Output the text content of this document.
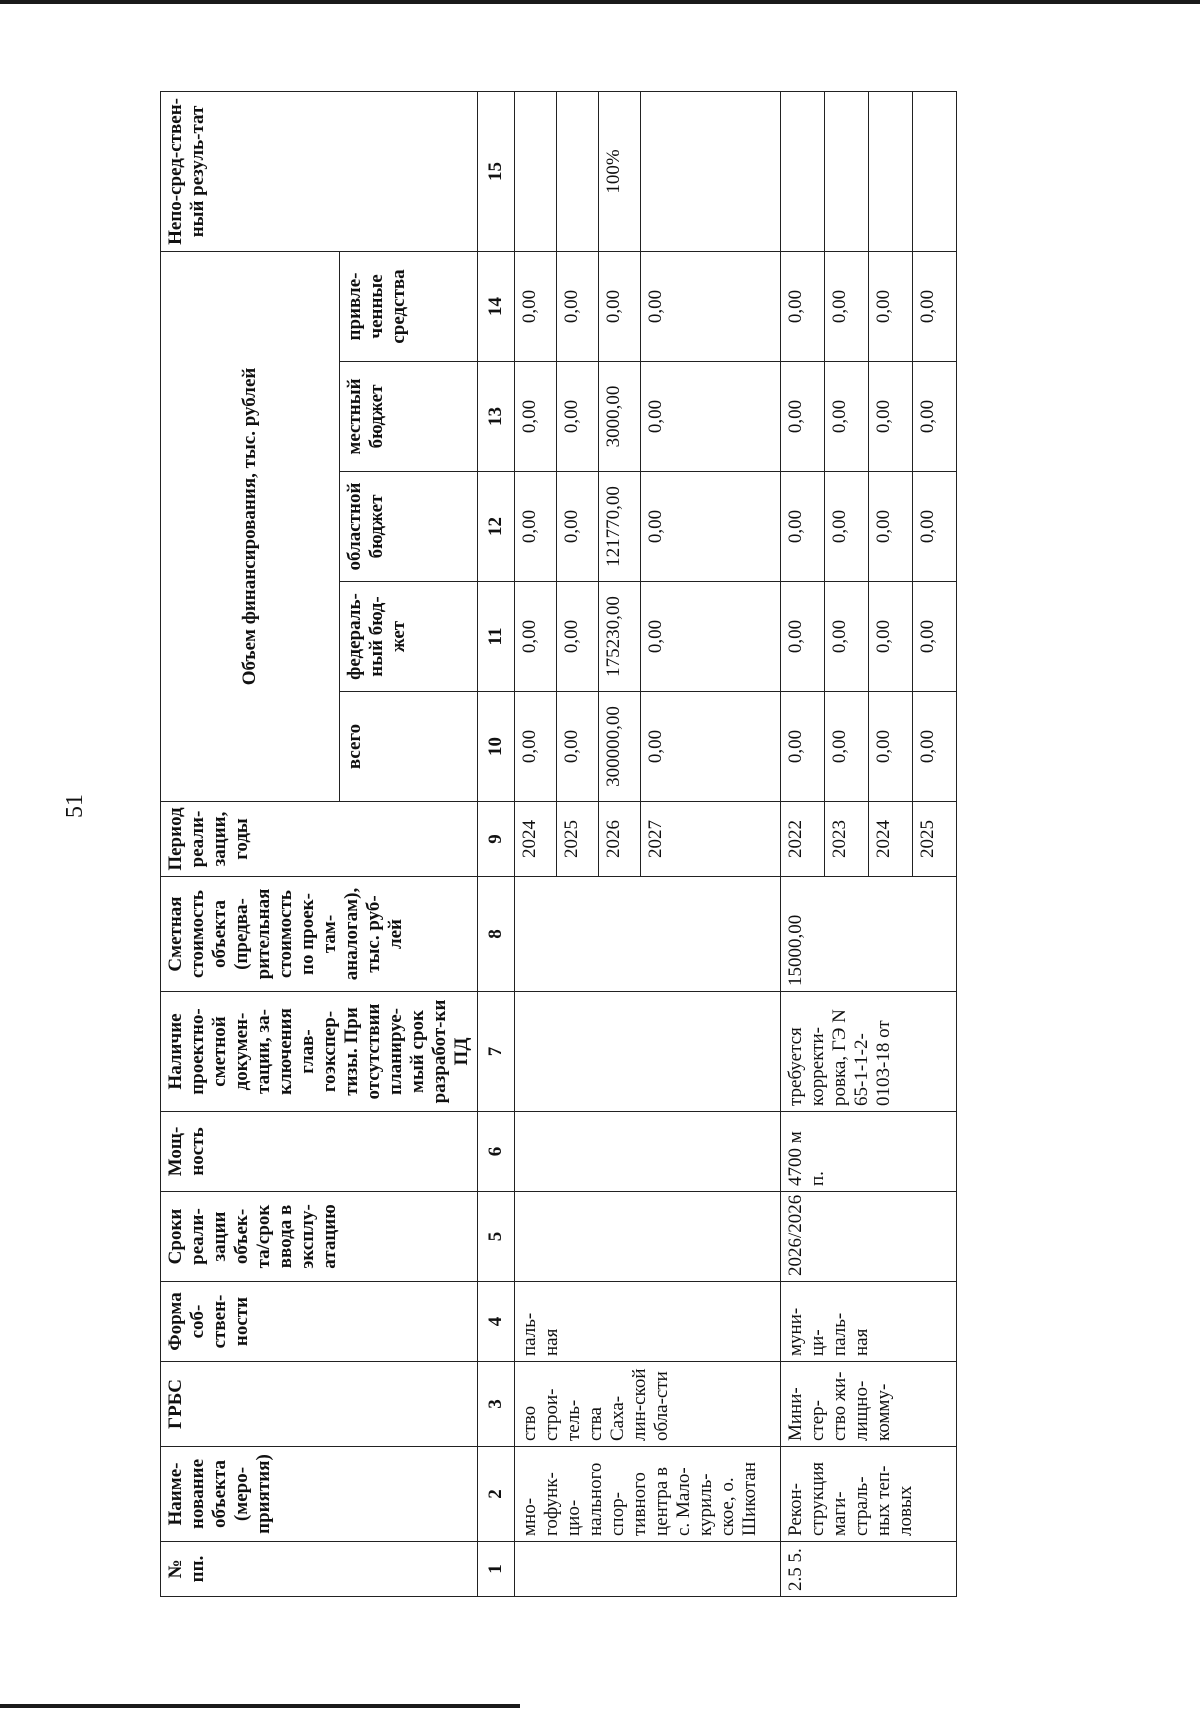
51
№ пп.	Наиме-нование объекта (меро-приятия)	ГРБС	Форма соб-ствен-ности	Сроки реали-зации объек-та/срок ввода в эксплу-атацию	Мощ-ность	Наличие проектно-сметной докумен-тации, за-ключения глав-гоэкспер-тизы. При отсутствии планируе-мый срок разработ-ки ПД	Сметная стоимость объекта (предва-рительная стоимость по проек-там-аналогам), тыс. руб-лей	Период реали-зации, годы	Объем финансирования, тыс. рублей					Непо-сред-ствен-ный резуль-тат
									всего	федераль-ный бюд-жет	областной бюджет	местный бюджет	привле-ченные средства	
1	2	3	4	5	6	7	8	9	10	11	12	13	14	15
	мно-гофунк-цио-нального спор-тивного центра в с. Мало-куриль-ское, о. Шикотан	ство строи-тель-ства Саха-лин-ской обла-сти	паль-ная					2024	0,00	0,00	0,00	0,00	0,00	
								2025	0,00	0,00	0,00	0,00	0,00	
								2026	300000,00	175230,00	121770,00	3000,00	0,00	100%
								2027	0,00	0,00	0,00	0,00	0,00	
2.5 5.	Рекон-струкция маги-страль-ных теп-ловых	Мини-стер-ство жи-лищно-комму-	муни-ци-паль-ная	2026/2026	4700 м п.	требуется корректи-ровка, ГЭ N 65-1-1-2-0103-18 от	15000,00	2022	0,00	0,00	0,00	0,00	0,00	
								2023	0,00	0,00	0,00	0,00	0,00	
								2024	0,00	0,00	0,00	0,00	0,00	
								2025	0,00	0,00	0,00	0,00	0,00	
